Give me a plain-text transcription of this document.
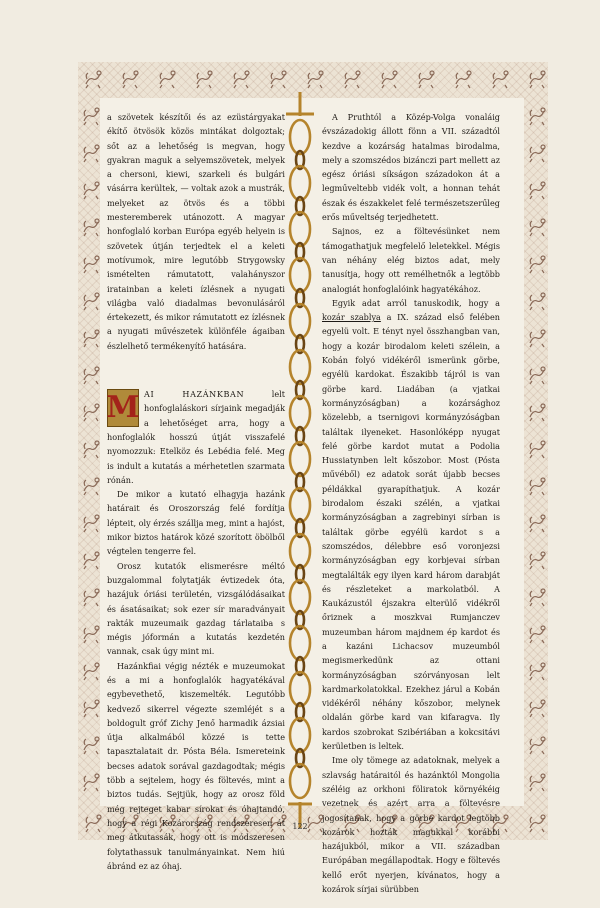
a szövetek készítői és az ezüstárgyakat ékítő ötvösök közös mintákat dolgoztak; sőt az a lehetőség is megvan, hogy gyakran maguk a selyemszövetek, melyek a chersoni, kiewi, szarkeli és bulgári vásárra kerültek, — voltak azok a mustrák, melyeket az ötvös és a többi mesteremberek utánozott. A magyar honfoglaló korban Európa egyéb helyein is szövetek útján terjedtek el a keleti motívumok, mire legutóbb Strygowsky ismételten rámutatott, valahányszor iratainban a keleti ízlésnek a nyugati világba való diadalmas bevonulásáról értekezett, és mikor rámutatott ez ízlésnek a nyugati művészetek különféle ágaiban észlelhető termékenyítő hatására.

M AI HAZÁNKBAN	lelt honfoglaláskori sírjaink megadják a lehetőséget arra, hogy a honfoglalók hosszú útját visszafelé nyomozzuk: Etelköz és Lebédia felé. Meg is indult a kutatás a mérhetetlen szarmata rónán.

De mikor a kutató elhagyja hazánk határait és Oroszország felé fordítja lépteit, oly érzés szállja meg, mint a hajóst, mikor biztos határok közé szorított öbölből végtelen tengerre fel.

Orosz kutatók elismerésre méltó buzgalommal folytatják évtizedek óta, hazájuk óriási területén, vizsgálódásaikat és ásatásaikat; sok ezer sír maradványait rakták muzeumaik gazdag tárlataiba s mégis jóformán a kutatás kezdetén vannak, csak úgy mint mi.

Hazánkfiai végig nézték e muzeumokat és a mi a honfoglalók hagyatékával egybevethető, kiszemelték. Legutóbb kedvező sikerrel végezte szemléjét s a boldogult gróf Zichy Jenő harmadik ázsiai útja alkalmából közzé is tette tapasztalatait dr. Pósta Béla. Ismereteink becses adatok sorával gazdagodtak; mégis több a sejtelem, hogy és föltevés, mint a biztos tudás. Sejtjük, hogy az orosz föld még rejteget kabar sírokat és óhajtandó, hogy a régi Kozárország rendszeresen át meg átkutassák, hogy ott is módszeresen folytathassuk tanulmányainkat. Nem hiú ábránd ez az óhaj.

A Pruthtól a Közép-Volga vonaláig évszázadokig állott fönn a VII. századtól kezdve a kozárság hatalmas birodalma, mely a szomszédos bizánczi part mellett az egész óriási síkságon századokon át a legműveltebb vidék volt, a honnan tehát észak és északkelet felé természetszerűleg erős műveltség terjedhetett.

Sajnos, ez a föltevésünket nem támogathatjuk megfelelő leletekkel. Mégis van néhány elég biztos adat, mely tanusítja, hogy ott remélhetnők a legtöbb analogiát honfoglalóink hagyatékához.

Egyik adat arról tanuskodik, hogy a kozár szablya a IX. század első felében egyelü volt. E tényt nyel összhangban van, hogy a kozár birodalom keleti szélein, a Kobán folyó vidékéről ismerünk görbe, egyélü kardokat. Északibb tájról is van görbe kard. Liadában (a vjatkai kormányzóságban) a kozársághoz közelebb, a tsernigovi kormányzóságban találtak ilyeneket. Hasonlóképp nyugat felé görbe kardot mutat a Podolia Hussiatynben lelt kőszobor. Most (Pósta művéből) ez adatok sorát újabb becses példákkal gyarapíthatjuk. A kozár birodalom északi szélén, a vjatkai kormányzóságban a zagrebinyi sírban is találtak görbe egyélü kardot s a szomszédos, délebbre eső voronjezsi kormányzóságban egy korbjevai sírban megtalálták egy ilyen kard három darabját és részleteket a markolatból. A Kaukázustól éjszakra elterülő vidékről őriznek a moszkvai Rumjanczev muzeumban három majdnem ép kardot és a kazáni Lichacsov muzeumból megismerkedünk az ottani kormányzóságban szórványosan lelt kardmarkolatokkal. Ezekhez járul a Kobán vidékéről néhány kőszobor, melynek oldalán görbe kard van kifaragva. Ily kardos szobrokat Szibériában a kokcsitávi kerületben is leltek.

Ime oly tömege az adatoknak, melyek a szlavság határaitól és hazánktól Mongolia széléig az orkhoni föliratok környékéig vezetnek és azért arra a föltevésre jogosítanak, hogy a görbe kardot legtöbb kozárok hozták magukkal korábbi hazájukból, mikor a VII. században Európában megállapodtak. Hogy e föltevés kellő erőt nyerjen, kívánatos, hogy a kozárok sírjai sürübben

122
